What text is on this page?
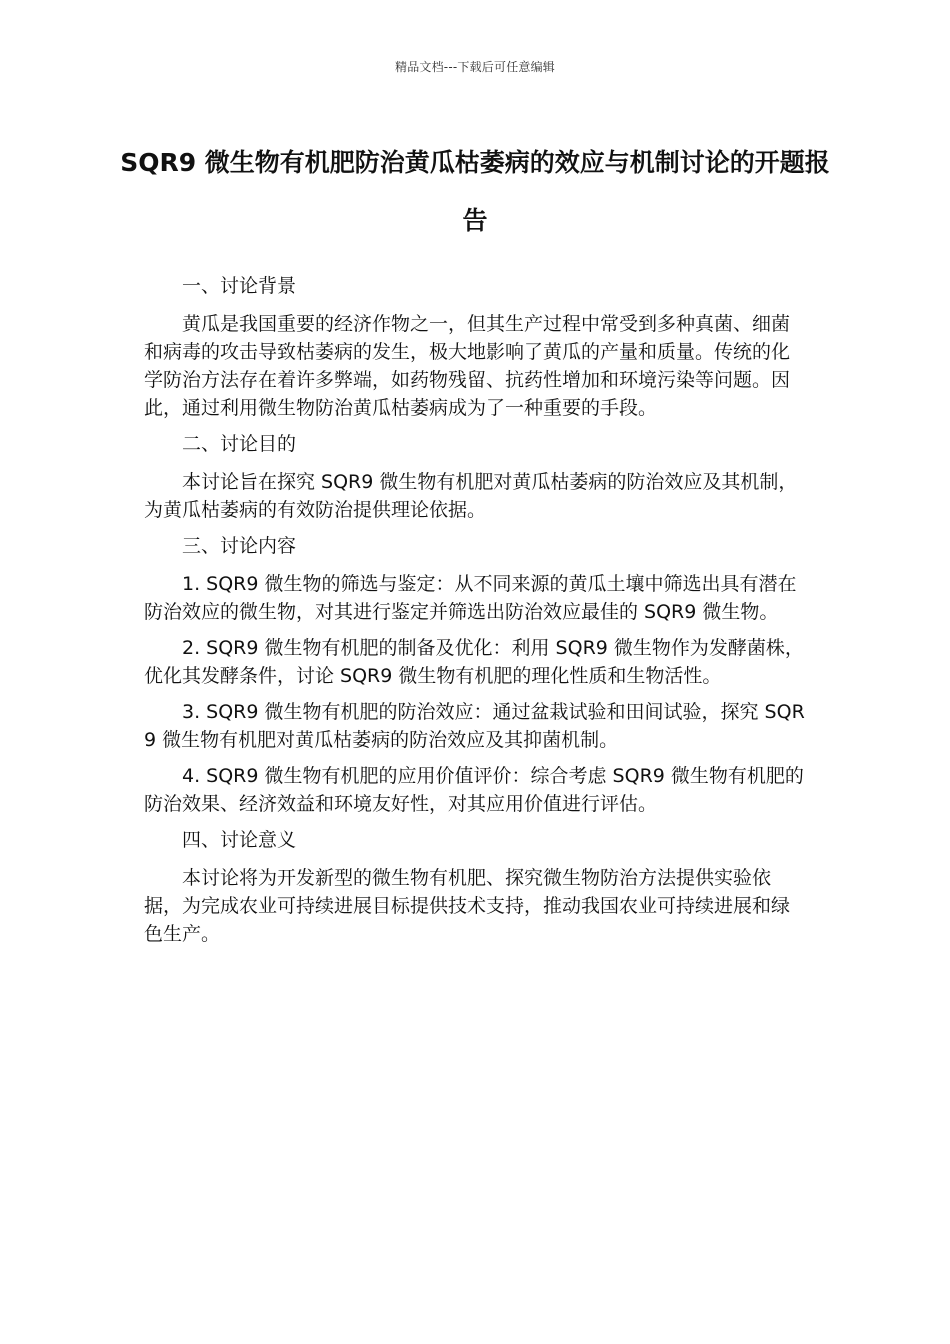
精品文档---下载后可任意编辑
SQR9 微生物有机肥防治黄瓜枯萎病的效应与机制讨论的开题报告

一、讨论背景

黄瓜是我国重要的经济作物之一，但其生产过程中常受到多种真菌、细菌和病毒的攻击导致枯萎病的发生，极大地影响了黄瓜的产量和质量。传统的化学防治方法存在着许多弊端，如药物残留、抗药性增加和环境污染等问题。因此，通过利用微生物防治黄瓜枯萎病成为了一种重要的手段。

二、讨论目的

本讨论旨在探究 SQR9 微生物有机肥对黄瓜枯萎病的防治效应及其机制，为黄瓜枯萎病的有效防治提供理论依据。

三、讨论内容

1. SQR9 微生物的筛选与鉴定：从不同来源的黄瓜土壤中筛选出具有潜在防治效应的微生物，对其进行鉴定并筛选出防治效应最佳的 SQR9 微生物。

2. SQR9 微生物有机肥的制备及优化：利用 SQR9 微生物作为发酵菌株，优化其发酵条件，讨论 SQR9 微生物有机肥的理化性质和生物活性。

3. SQR9 微生物有机肥的防治效应：通过盆栽试验和田间试验，探究 SQR9 微生物有机肥对黄瓜枯萎病的防治效应及其抑菌机制。

4. SQR9 微生物有机肥的应用价值评价：综合考虑 SQR9 微生物有机肥的防治效果、经济效益和环境友好性，对其应用价值进行评估。

四、讨论意义

本讨论将为开发新型的微生物有机肥、探究微生物防治方法提供实验依据，为完成农业可持续进展目标提供技术支持，推动我国农业可持续进展和绿色生产。
